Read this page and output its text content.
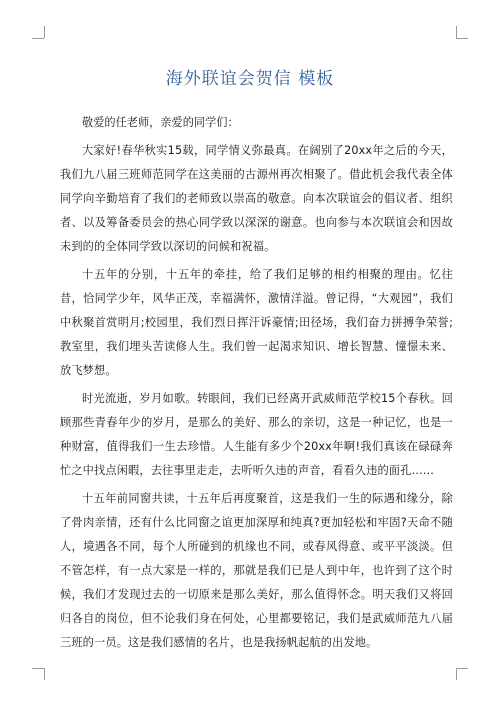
海外联谊会贺信 模板

敬爱的任老师，亲爱的同学们：

大家好!春华秋实15载，同学情义弥最真。在阔别了20xx年之后的今天，我们九八届三班师范同学在这美丽的古源州再次相聚了。借此机会我代表全体同学向辛勤培育了我们的老师致以崇高的敬意。向本次联谊会的倡议者、组织者、以及筹备委员会的热心同学致以深深的谢意。也向参与本次联谊会和因故未到的的全体同学致以深切的问候和祝福。

十五年的分别，十五年的牵挂，给了我们足够的相约相聚的理由。忆往昔，恰同学少年，风华正茂，幸福满怀，激情洋溢。曾记得，“大观园”，我们中秋聚首赏明月;校园里，我们烈日挥汗诉豪情;田径场，我们奋力拼搏争荣誉;教室里，我们埋头苦读修人生。我们曾一起渴求知识、增长智慧、憧憬未来、放飞梦想。

时光流逝，岁月如歌。转眼间，我们已经离开武威师范学校15个春秋。回顾那些青春年少的岁月，是那么的美好、那么的亲切，这是一种记忆，也是一种财富，值得我们一生去珍惜。人生能有多少个20xx年啊!我们真该在碌碌奔忙之中找点闲暇，去往事里走走，去听听久违的声音，看看久违的面孔……

十五年前同窗共读，十五年后再度聚首，这是我们一生的际遇和缘分，除了骨肉亲情，还有什么比同窗之谊更加深厚和纯真?更加轻松和牢固?天命不随人，境遇各不同，每个人所碰到的机缘也不同，或春风得意、或平平淡淡。但不管怎样，有一点大家是一样的，那就是我们已是人到中年，也许到了这个时候，我们才发现过去的一切原来是那么美好，那么值得怀念。明天我们又将回归各自的岗位，但不论我们身在何处，心里都要铭记，我们是武威师范九八届三班的一员。这是我们感情的名片，也是我扬帆起航的出发地。
